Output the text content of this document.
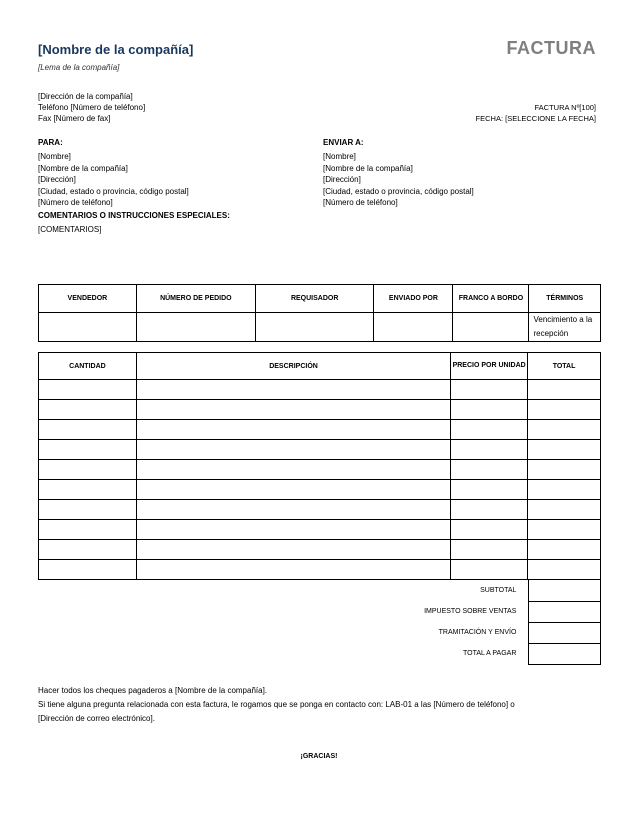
[Nombre de la compañía]	FACTURA
[Lema de la compañía]
[Dirección de la compañía]
Teléfono [Número de teléfono]
Fax [Número de fax]
FACTURA Nº[100]
FECHA: [SELECCIONE LA FECHA]
PARA:
[Nombre]
[Nombre de la compañía]
[Dirección]
[Ciudad, estado o provincia, código postal]
[Número de teléfono]
ENVIAR A:
[Nombre]
[Nombre de la compañía]
[Dirección]
[Ciudad, estado o provincia, código postal]
[Número de teléfono]
COMENTARIOS O INSTRUCCIONES ESPECIALES:
[COMENTARIOS]
VENDEDOR	NÚMERO DE PEDIDO	REQUISADOR	ENVIADO POR	FRANCO A BORDO	TÉRMINOS
					Vencimiento a la recepción
CANTIDAD	DESCRIPCIÓN	PRECIO POR UNIDAD	TOTAL

SUBTOTAL	
IMPUESTO SOBRE VENTAS	
TRAMITACIÓN Y ENVÍO	
TOTAL A PAGAR	
Hacer todos los cheques pagaderos a [Nombre de la compañía].
Si tiene alguna pregunta relacionada con esta factura, le rogamos que se ponga en contacto con: LAB-01 a las [Número de teléfono] o
[Dirección de correo electrónico].
¡GRACIAS!
